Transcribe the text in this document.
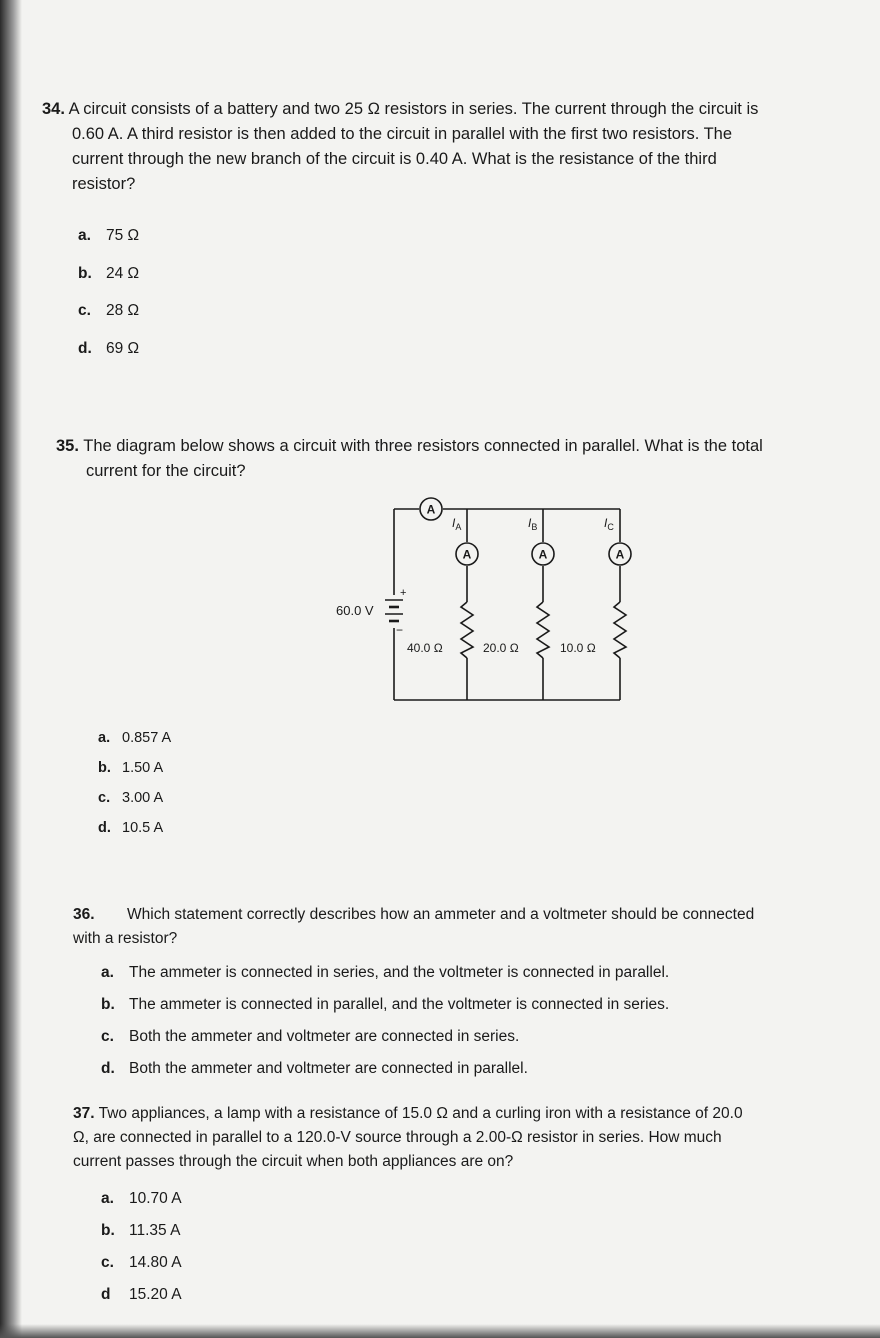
34. A circuit consists of a battery and two 25 Ω resistors in series. The current through the circuit is
0.60 A. A third resistor is then added to the circuit in parallel with the first two resistors. The
current through the new branch of the circuit is 0.40 A. What is the resistance of the third
resistor?
a. 75 Ω
b. 24 Ω
c. 28 Ω
d. 69 Ω
35. The diagram below shows a circuit with three resistors connected in parallel. What is the total
current for the circuit?
+
−
60.0 V
A
A	A	A
$I_A$	$I_B$	$I_C$
40.0 Ω	20.0 Ω	10.0 Ω
a. 0.857 A
b. 1.50 A
c. 3.00 A
d. 10.5 A
36. Which statement correctly describes how an ammeter and a voltmeter should be connected
with a resistor?
a. The ammeter is connected in series, and the voltmeter is connected in parallel.
b. The ammeter is connected in parallel, and the voltmeter is connected in series.
c. Both the ammeter and voltmeter are connected in series.
d. Both the ammeter and voltmeter are connected in parallel.
37. Two appliances, a lamp with a resistance of 15.0 Ω and a curling iron with a resistance of 20.0
Ω, are connected in parallel to a 120.0-V source through a 2.00-Ω resistor in series. How much
current passes through the circuit when both appliances are on?
a. 10.70 A
b. 11.35 A
c. 14.80 A
d 15.20 A
